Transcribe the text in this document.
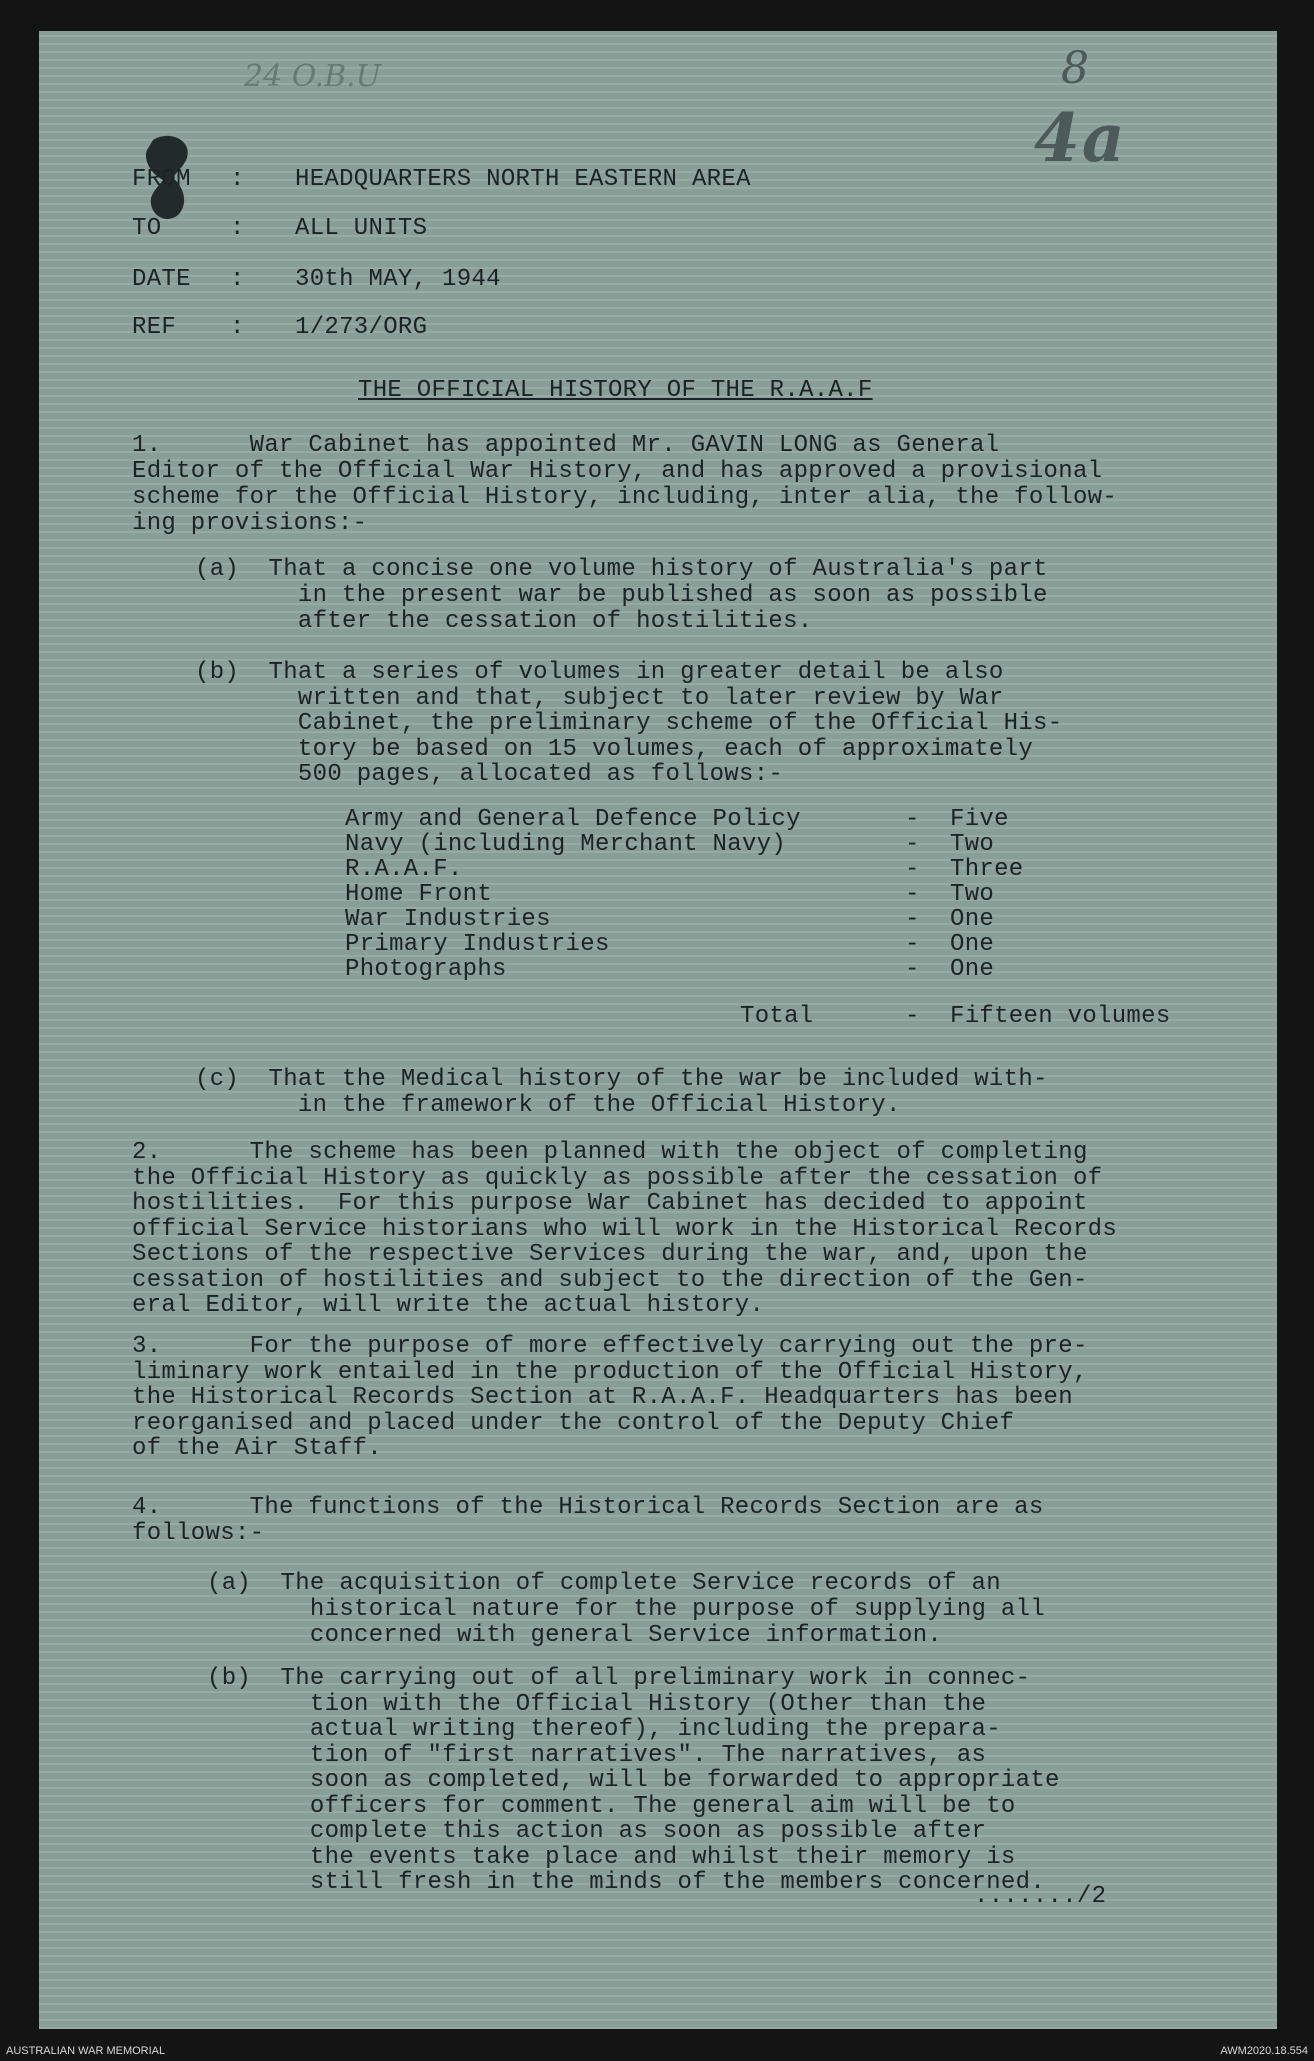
24 O.B.U	8
4a
FROM : HEADQUARTERS NORTH EASTERN AREA
TO	: ALL UNITS
DATE : 30th MAY, 1944
REF : 1/273/ORG
THE OFFICIAL HISTORY OF THE R.A.A.F
1.      War Cabinet has appointed Mr. GAVIN LONG as General
Editor of the Official War History, and has approved a provisional
scheme for the Official History, including, inter alia, the follow-
ing provisions:-
(a)  That a concise one volume history of Australia's part
in the present war be published as soon as possible
after the cessation of hostilities.
(b)  That a series of volumes in greater detail be also
written and that, subject to later review by War
Cabinet, the preliminary scheme of the Official His-
tory be based on 15 volumes, each of approximately
500 pages, allocated as follows:-
Army and General Defence Policy	- Five
Navy (including Merchant Navy)	- Two
R.A.A.F.	- Three
Home Front	- Two
War Industries	- One
Primary Industries	- One
Photographs	- One
Total	- Fifteen volumes
(c)  That the Medical history of the war be included with-
in the framework of the Official History.
2.      The scheme has been planned with the object of completing
the Official History as quickly as possible after the cessation of
hostilities.  For this purpose War Cabinet has decided to appoint
official Service historians who will work in the Historical Records
Sections of the respective Services during the war, and, upon the
cessation of hostilities and subject to the direction of the Gen-
eral Editor, will write the actual history.
3.      For the purpose of more effectively carrying out the pre-
liminary work entailed in the production of the Official History,
the Historical Records Section at R.A.A.F. Headquarters has been
reorganised and placed under the control of the Deputy Chief
of the Air Staff.
4.      The functions of the Historical Records Section are as
follows:-
(a)  The acquisition of complete Service records of an
historical nature for the purpose of supplying all
concerned with general Service information.
(b)  The carrying out of all preliminary work in connec-
tion with the Official History (Other than the
actual writing thereof), including the prepara-
tion of "first narratives". The narratives, as
soon as completed, will be forwarded to appropriate
officers for comment. The general aim will be to
complete this action as soon as possible after
the events take place and whilst their memory is
still fresh in the minds of the members concerned.
......./2
AUSTRALIAN WAR MEMORIAL	AWM2020.18.554
